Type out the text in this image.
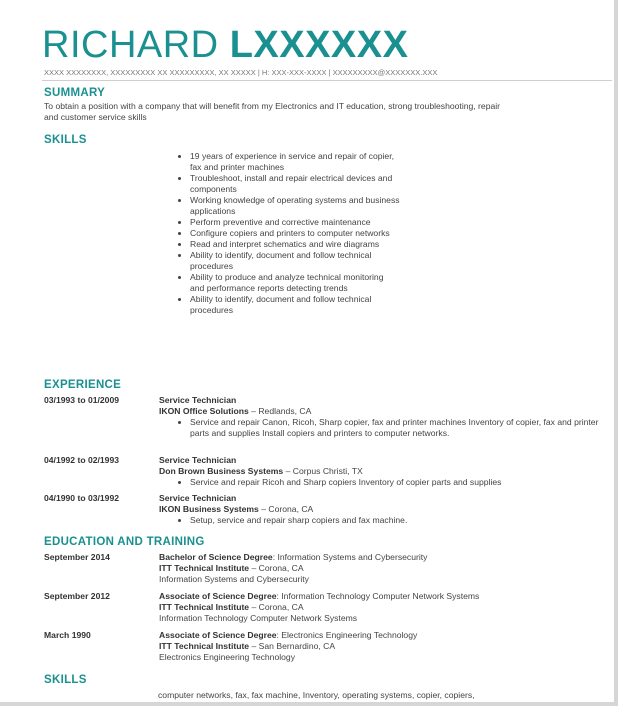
RICHARD LXXXXXX
XXXX XXXXXXXX, XXXXXXXXX XX XXXXXXXXX, XX XXXXX | H: XXX-XXX-XXXX | XXXXXXXXX@XXXXXXX.XXX
SUMMARY
To obtain a position with a company that will benefit from my Electronics and IT education, strong troubleshooting, repair and customer service skills
SKILLS
• 19 years of experience in service and repair of copier, fax and printer machines
• Troubleshoot, install and repair electrical devices and components
• Working knowledge of operating systems and business applications
• Perform preventive and corrective maintenance
• Configure copiers and printers to computer networks
• Read and interpret schematics and wire diagrams
• Ability to identify, document and follow technical procedures
• Ability to produce and analyze technical monitoring and performance reports detecting trends
• Ability to identify, document and follow technical procedures
EXPERIENCE
03/1993 to 01/2009	Service Technician
IKON Office Solutions – Redlands, CA
• Service and repair Canon, Ricoh, Sharp copier, fax and printer machines Inventory of copier, fax and printer parts and supplies Install copiers and printers to computer networks.
04/1992 to 02/1993	Service Technician
Don Brown Business Systems – Corpus Christi, TX
• Service and repair Ricoh and Sharp copiers Inventory of copier parts and supplies
04/1990 to 03/1992	Service Technician
IKON Business Systems – Corona, CA
• Setup, service and repair sharp copiers and fax machine.
EDUCATION AND TRAINING
September 2014	Bachelor of Science Degree: Information Systems and Cybersecurity
ITT Technical Institute – Corona, CA
Information Systems and Cybersecurity
September 2012	Associate of Science Degree: Information Technology Computer Network Systems
ITT Technical Institute – Corona, CA
Information Technology Computer Network Systems
March 1990	Associate of Science Degree: Electronics Engineering Technology
ITT Technical Institute – San Bernardino, CA
Electronics Engineering Technology
SKILLS
computer networks, fax, fax machine, Inventory, operating systems, copier, copiers,
